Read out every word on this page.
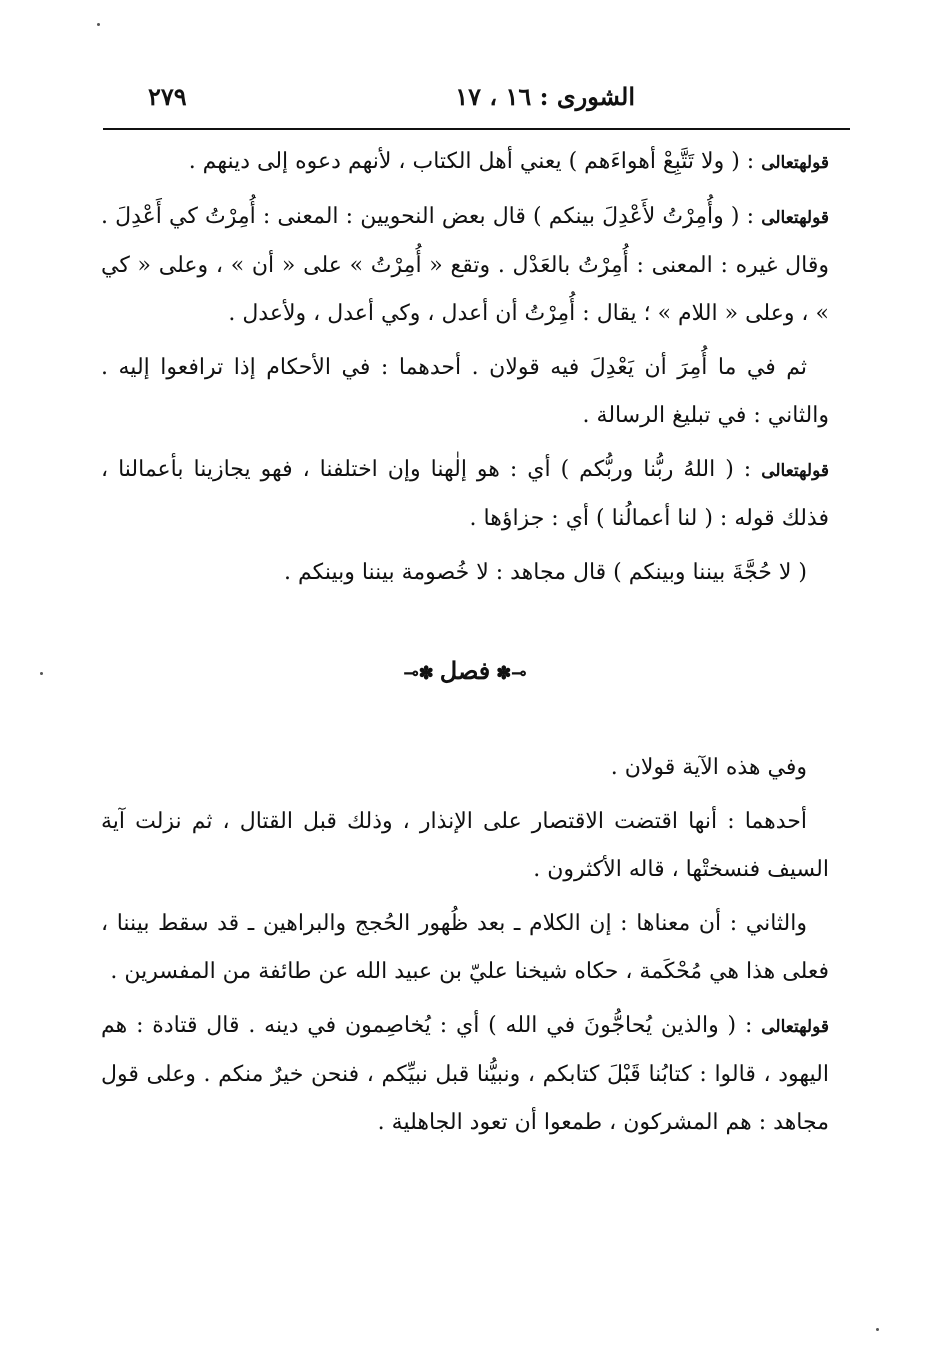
الشورى : ١٦ ، ١٧
٢٧٩

قولهتعالى : ( ولا تَتَّبِعْ أهواءَهم ) يعني أهل الكتاب ، لأنهم دعوه إلى دينهم .

قولهتعالى : ( وأُمِرْتُ لأَعْدِلَ بينكم ) قال بعض النحويين : المعنى : أُمِرْتُ كي أَعْدِلَ . وقال غيره : المعنى : أُمِرْتُ بالعَدْل . وتقع « أُمِرْتُ » على « أن » ، وعلى « كي » ، وعلى « اللام » ؛ يقال : أُمِرْتُ أن أعدل ، وكي أعدل ، ولأعدل .

ثم في ما أُمِرَ أن يَعْدِلَ فيه قولان . أحدهما : في الأحكام إذا ترافعوا إليه . والثاني : في تبليغ الرسالة .

قولهتعالى : ( اللهُ ربُّنا وربُّكم ) أي : هو إلٰهنا وإن اختلفنا ، فهو يجازينا بأعمالنا ، فذلك قوله : ( لنا أعمالُنا ) أي : جزاؤها .

( لا حُجَّةَ بيننا وبينكم ) قال مجاهد : لا خُصومة بيننا وبينكم .

⊸✽فصل✽⟜

وفي هذه الآية قولان .

أحدهما : أنها اقتضت الاقتصار على الإنذار ، وذلك قبل القتال ، ثم نزلت آية السيف فنسختْها ، قاله الأكثرون .

والثاني : أن معناها : إن الكلام ـ بعد ظُهور الحُجج والبراهين ـ قد سقط بيننا ، فعلى هذا هي مُحْكَمة ، حكاه شيخنا عليّ بن عبيد الله عن طائفة من المفسرين .

قولهتعالى : ( والذين يُحاجُّونَ في الله ) أي : يُخاصِمون في دينه . قال قتادة : هم اليهود ، قالوا : كتابُنا قَبْلَ كتابكم ، ونبيُّنا قبل نبيِّكم ، فنحن خيرٌ منكم . وعلى قول مجاهد : هم المشركون ، طمعوا أن تعود الجاهلية .
